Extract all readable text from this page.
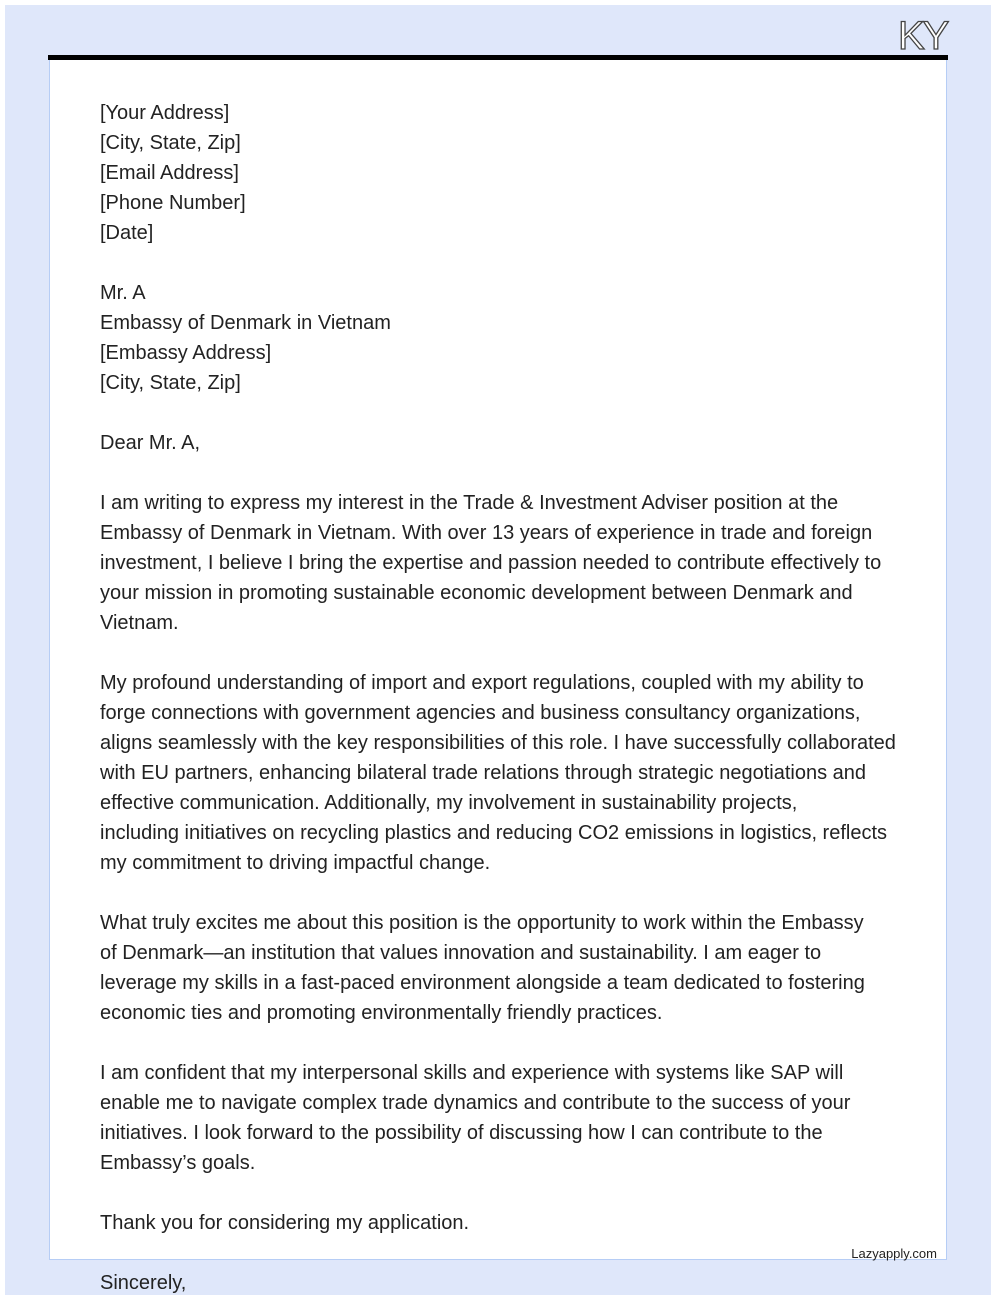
KY
[Your Address]
[City, State, Zip]
[Email Address]
[Phone Number]
[Date]
Mr. A
Embassy of Denmark in Vietnam
[Embassy Address]
[City, State, Zip]
Dear Mr. A,
I am writing to express my interest in the Trade & Investment Adviser position at the
Embassy of Denmark in Vietnam. With over 13 years of experience in trade and foreign
investment, I believe I bring the expertise and passion needed to contribute effectively to
your mission in promoting sustainable economic development between Denmark and
Vietnam.
My profound understanding of import and export regulations, coupled with my ability to
forge connections with government agencies and business consultancy organizations,
aligns seamlessly with the key responsibilities of this role. I have successfully collaborated
with EU partners, enhancing bilateral trade relations through strategic negotiations and
effective communication. Additionally, my involvement in sustainability projects,
including initiatives on recycling plastics and reducing CO2 emissions in logistics, reflects
my commitment to driving impactful change.
What truly excites me about this position is the opportunity to work within the Embassy
of Denmark—an institution that values innovation and sustainability. I am eager to
leverage my skills in a fast-paced environment alongside a team dedicated to fostering
economic ties and promoting environmentally friendly practices.
I am confident that my interpersonal skills and experience with systems like SAP will
enable me to navigate complex trade dynamics and contribute to the success of your
initiatives. I look forward to the possibility of discussing how I can contribute to the
Embassy’s goals.
Thank you for considering my application.
Sincerely,
Lazyapply.com
